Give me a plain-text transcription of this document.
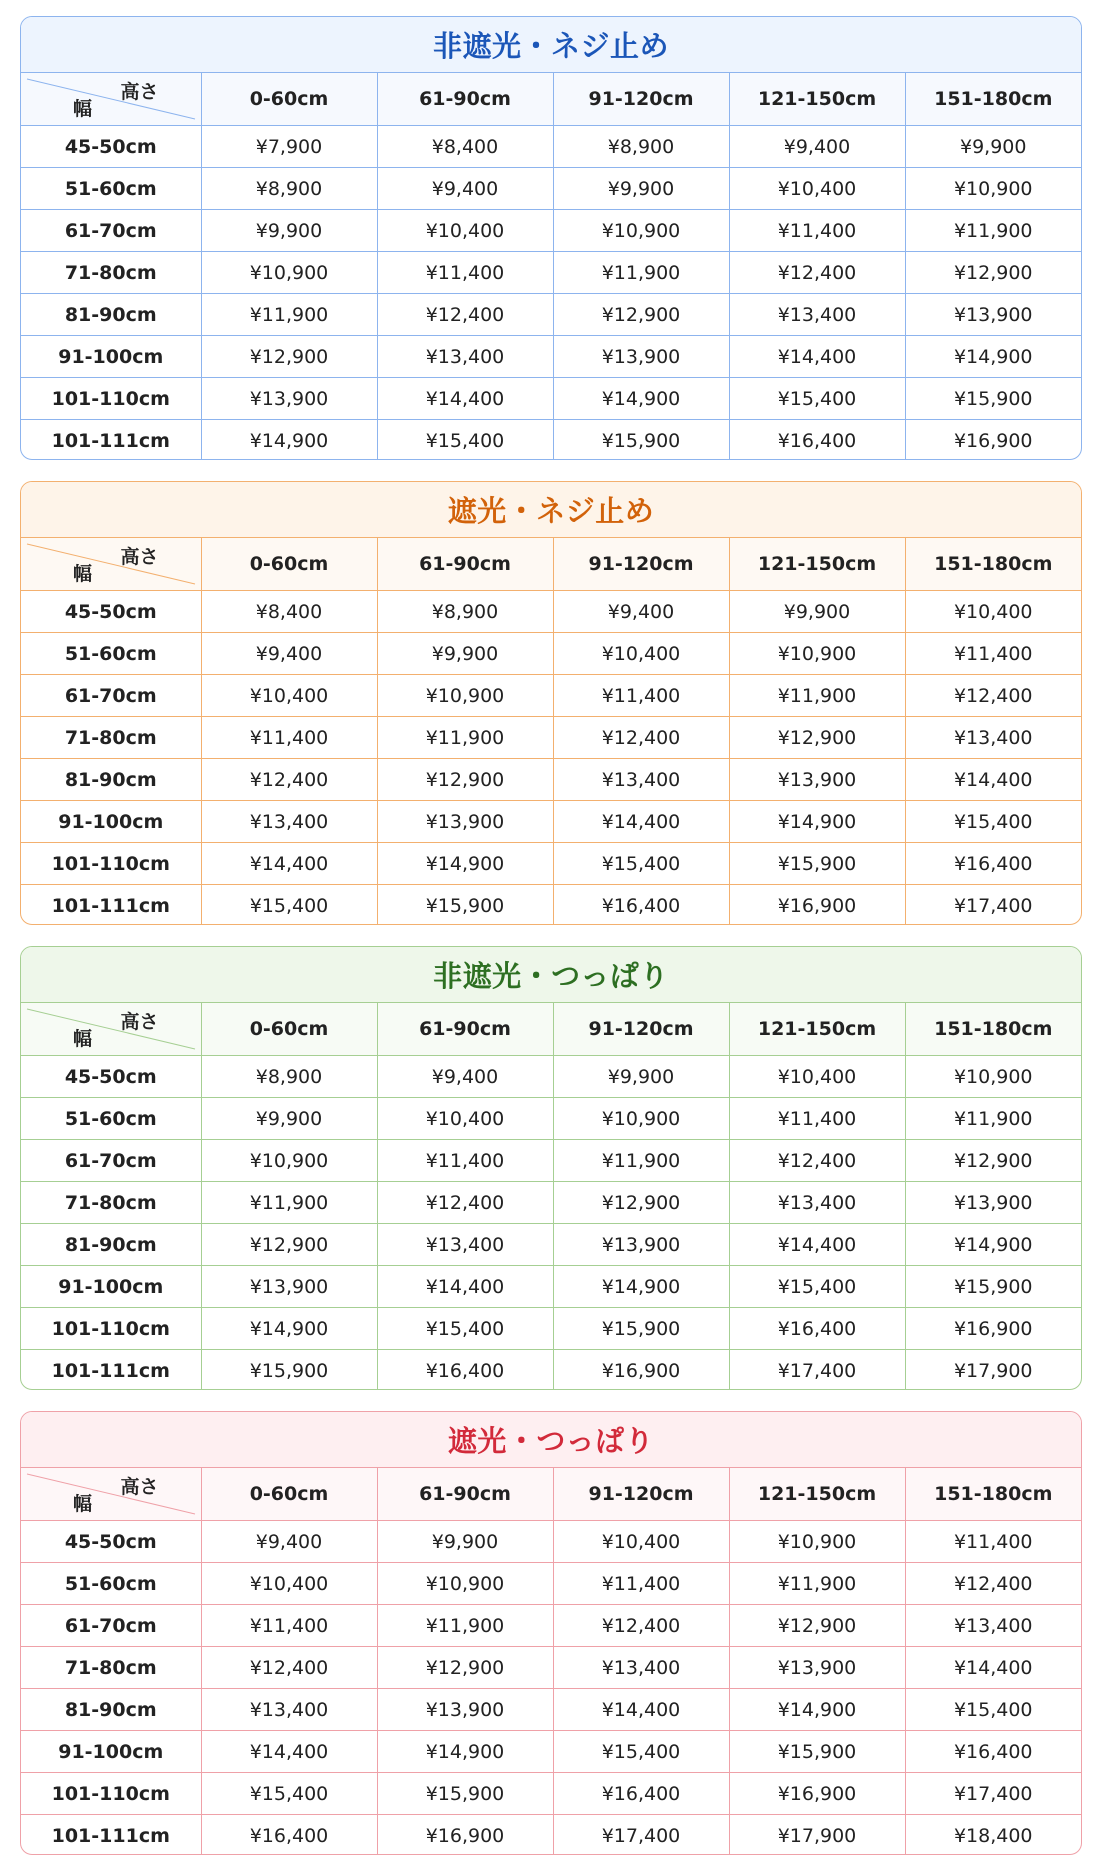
非遮光・ネジ止め
高さ
幅	0-60cm	61-90cm	91-120cm	121-150cm	151-180cm
45-50cm	¥7,900	¥8,400	¥8,900	¥9,400	¥9,900
51-60cm	¥8,900	¥9,400	¥9,900	¥10,400	¥10,900
61-70cm	¥9,900	¥10,400	¥10,900	¥11,400	¥11,900
71-80cm	¥10,900	¥11,400	¥11,900	¥12,400	¥12,900
81-90cm	¥11,900	¥12,400	¥12,900	¥13,400	¥13,900
91-100cm	¥12,900	¥13,400	¥13,900	¥14,400	¥14,900
101-110cm	¥13,900	¥14,400	¥14,900	¥15,400	¥15,900
101-111cm	¥14,900	¥15,400	¥15,900	¥16,400	¥16,900
遮光・ネジ止め
高さ
幅	0-60cm	61-90cm	91-120cm	121-150cm	151-180cm
45-50cm	¥8,400	¥8,900	¥9,400	¥9,900	¥10,400
51-60cm	¥9,400	¥9,900	¥10,400	¥10,900	¥11,400
61-70cm	¥10,400	¥10,900	¥11,400	¥11,900	¥12,400
71-80cm	¥11,400	¥11,900	¥12,400	¥12,900	¥13,400
81-90cm	¥12,400	¥12,900	¥13,400	¥13,900	¥14,400
91-100cm	¥13,400	¥13,900	¥14,400	¥14,900	¥15,400
101-110cm	¥14,400	¥14,900	¥15,400	¥15,900	¥16,400
101-111cm	¥15,400	¥15,900	¥16,400	¥16,900	¥17,400
非遮光・つっぱり
高さ
幅	0-60cm	61-90cm	91-120cm	121-150cm	151-180cm
45-50cm	¥8,900	¥9,400	¥9,900	¥10,400	¥10,900
51-60cm	¥9,900	¥10,400	¥10,900	¥11,400	¥11,900
61-70cm	¥10,900	¥11,400	¥11,900	¥12,400	¥12,900
71-80cm	¥11,900	¥12,400	¥12,900	¥13,400	¥13,900
81-90cm	¥12,900	¥13,400	¥13,900	¥14,400	¥14,900
91-100cm	¥13,900	¥14,400	¥14,900	¥15,400	¥15,900
101-110cm	¥14,900	¥15,400	¥15,900	¥16,400	¥16,900
101-111cm	¥15,900	¥16,400	¥16,900	¥17,400	¥17,900
遮光・つっぱり
高さ
幅	0-60cm	61-90cm	91-120cm	121-150cm	151-180cm
45-50cm	¥9,400	¥9,900	¥10,400	¥10,900	¥11,400
51-60cm	¥10,400	¥10,900	¥11,400	¥11,900	¥12,400
61-70cm	¥11,400	¥11,900	¥12,400	¥12,900	¥13,400
71-80cm	¥12,400	¥12,900	¥13,400	¥13,900	¥14,400
81-90cm	¥13,400	¥13,900	¥14,400	¥14,900	¥15,400
91-100cm	¥14,400	¥14,900	¥15,400	¥15,900	¥16,400
101-110cm	¥15,400	¥15,900	¥16,400	¥16,900	¥17,400
101-111cm	¥16,400	¥16,900	¥17,400	¥17,900	¥18,400
